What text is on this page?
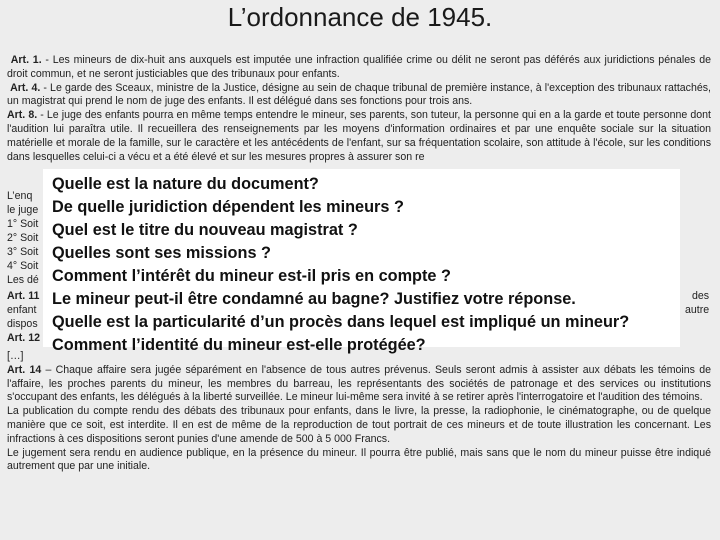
L’ordonnance de 1945.

Art. 1. - Les mineurs de dix-huit ans auxquels est imputée une infraction qualifiée crime ou délit ne seront pas déférés aux juridictions pénales de droit commun, et ne seront justiciables que des tribunaux pour enfants.

Art. 4. - Le garde des Sceaux, ministre de la Justice, désigne au sein de chaque tribunal de première instance, à l'exception des tribunaux rattachés, un magistrat qui prend le nom de juge des enfants. Il est délégué dans ses fonctions pour trois ans.

Art. 8. - Le juge des enfants pourra en même temps entendre le mineur, ses parents, son tuteur, la personne qui en a la garde et toute personne dont l'audition lui paraîtra utile. Il recueillera des renseignements par les moyens d'information ordinaires et par une enquête sociale sur la situation matérielle et morale de la famille, sur le caractère et les antécédents de l'enfant, sur sa fréquentation scolaire, son attitude à l'école, sur les conditions dans lesquelles celui-ci a vécu et a été élevé et sur les mesures propres à assurer son re

L’enq
le juge
1° Soit
2° Soit
3° Soit
4° Soit
Les dé
Art. 11	des
enfant	autre
dispos
Art. 12
Quelle est la nature du document?
De quelle juridiction dépendent les mineurs ?
Quel est le titre du nouveau magistrat ?
Quelles sont ses missions ?
Comment l’intérêt du mineur est-il pris en compte ?
Le mineur peut-il être condamné au bagne? Justifiez votre réponse.
Quelle est la particularité d’un procès dans lequel est impliqué un mineur?
Comment l’identité du mineur est-elle protégée?

[…]

Art. 14 – Chaque affaire sera jugée séparément en l'absence de tous autres prévenus. Seuls seront admis à assister aux débats les témoins de l'affaire, les proches parents du mineur, les membres du barreau, les représentants des sociétés de patronage et des services ou institutions s'occupant des enfants, les délégués à la liberté surveillée. Le mineur lui-même sera invité à se retirer après l'interrogatoire et l'audition des témoins.

La publication du compte rendu des débats des tribunaux pour enfants, dans le livre, la presse, la radiophonie, le cinématographe, ou de quelque manière que ce soit, est interdite. Il en est de même de la reproduction de tout portrait de ces mineurs et de toute illustration les concernant. Les infractions à ces dispositions seront punies d'une amende de 500 à 5 000 Francs.

Le jugement sera rendu en audience publique, en la présence du mineur. Il pourra être publié, mais sans que le nom du mineur puisse être indiqué autrement que par une initiale.
